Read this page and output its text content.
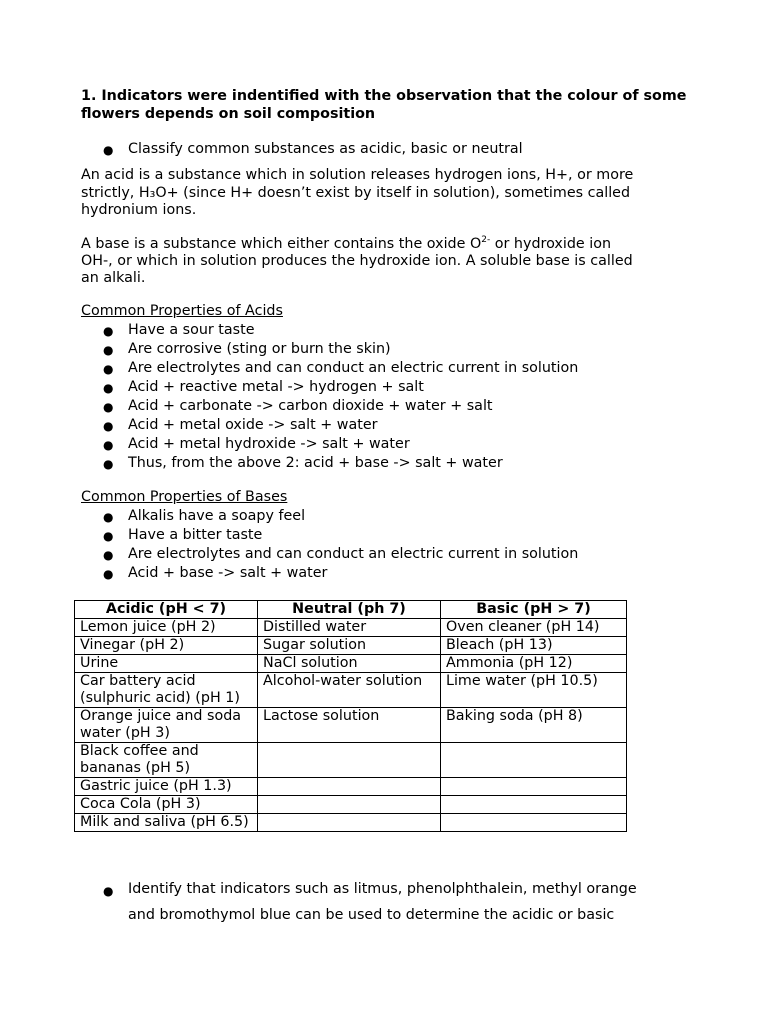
1. Indicators were indentified with the observation that the colour of some flowers depends on soil composition
● Classify common substances as acidic, basic or neutral
An acid is a substance which in solution releases hydrogen ions, H+, or more
strictly, H₃O+ (since H+ doesn’t exist by itself in solution), sometimes called
hydronium ions.
A base is a substance which either contains the oxide $O^{2-}$ or hydroxide ion
OH-, or which in solution produces the hydroxide ion. A soluble base is called
an alkali.
Common Properties of Acids
● Have a sour taste
● Are corrosive (sting or burn the skin)
● Are electrolytes and can conduct an electric current in solution
● Acid + reactive metal -> hydrogen + salt
● Acid + carbonate -> carbon dioxide + water + salt
● Acid + metal oxide -> salt + water
● Acid + metal hydroxide -> salt + water
● Thus, from the above 2: acid + base -> salt + water
Common Properties of Bases
● Alkalis have a soapy feel
● Have a bitter taste
● Are electrolytes and can conduct an electric current in solution
● Acid + base -> salt + water
Acidic (pH < 7)	Neutral (ph 7)	Basic (pH > 7)
Lemon juice (pH 2)	Distilled water	Oven cleaner (pH 14)
Vinegar (pH 2)	Sugar solution	Bleach (pH 13)
Urine	NaCl solution	Ammonia (pH 12)
Car battery acid (sulphuric acid) (pH 1)	Alcohol-water solution	Lime water (pH 10.5)
Orange juice and soda water (pH 3)	Lactose solution	Baking soda (pH 8)
Black coffee and bananas (pH 5)		
Gastric juice (pH 1.3)		
Coca Cola (pH 3)		
Milk and saliva (pH 6.5)		
● Identify that indicators such as litmus, phenolphthalein, methyl orange
and bromothymol blue can be used to determine the acidic or basic
